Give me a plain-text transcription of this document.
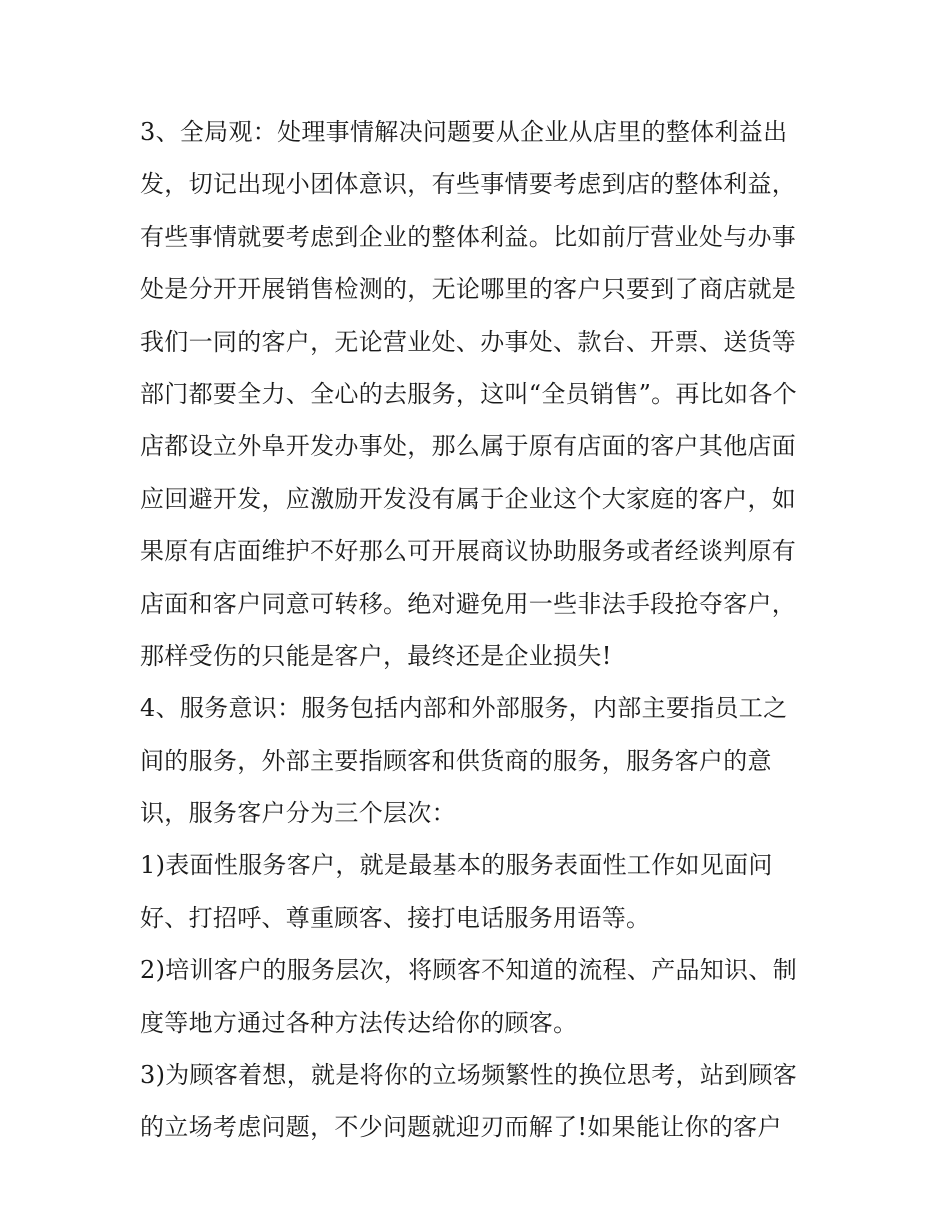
3、全局观：处理事情解决问题要从企业从店里的整体利益出
发，切记出现小团体意识，有些事情要考虑到店的整体利益，
有些事情就要考虑到企业的整体利益。比如前厅营业处与办事
处是分开开展销售检测的，无论哪里的客户只要到了商店就是
我们一同的客户，无论营业处、办事处、款台、开票、送货等
部门都要全力、全心的去服务，这叫“全员销售”。再比如各个
店都设立外阜开发办事处，那么属于原有店面的客户其他店面
应回避开发，应激励开发没有属于企业这个大家庭的客户，如
果原有店面维护不好那么可开展商议协助服务或者经谈判原有
店面和客户同意可转移。绝对避免用一些非法手段抢夺客户，
那样受伤的只能是客户，最终还是企业损失!
4、服务意识：服务包括内部和外部服务，内部主要指员工之
间的服务，外部主要指顾客和供货商的服务，服务客户的意
识，服务客户分为三个层次：
1)表面性服务客户，就是最基本的服务表面性工作如见面问
好、打招呼、尊重顾客、接打电话服务用语等。
2)培训客户的服务层次，将顾客不知道的流程、产品知识、制
度等地方通过各种方法传达给你的顾客。
3)为顾客着想，就是将你的立场频繁性的换位思考，站到顾客
的立场考虑问题，不少问题就迎刃而解了!如果能让你的客户
